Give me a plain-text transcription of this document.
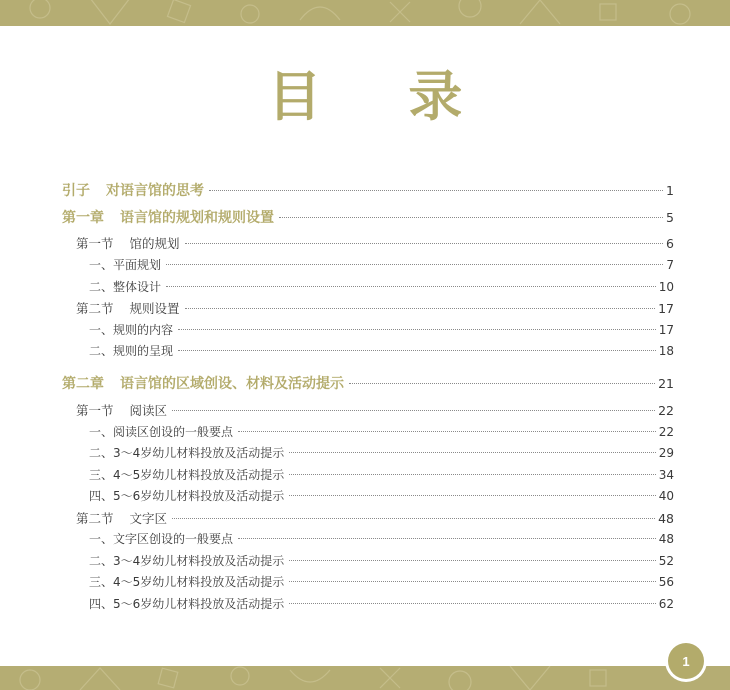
目 录
引子 对语言馆的思考	1
第一章 语言馆的规划和规则设置	5
第一节 馆的规划	6
一、平面规划	7
二、整体设计	10
第二节 规则设置	17
一、规则的内容	17
二、规则的呈现	18
第二章 语言馆的区域创设、材料及活动提示	21
第一节 阅读区	22
一、阅读区创设的一般要点	22
二、3～4岁幼儿材料投放及活动提示	29
三、4～5岁幼儿材料投放及活动提示	34
四、5～6岁幼儿材料投放及活动提示	40
第二节 文字区	48
一、文字区创设的一般要点	48
二、3～4岁幼儿材料投放及活动提示	52
三、4～5岁幼儿材料投放及活动提示	56
四、5～6岁幼儿材料投放及活动提示	62
1
